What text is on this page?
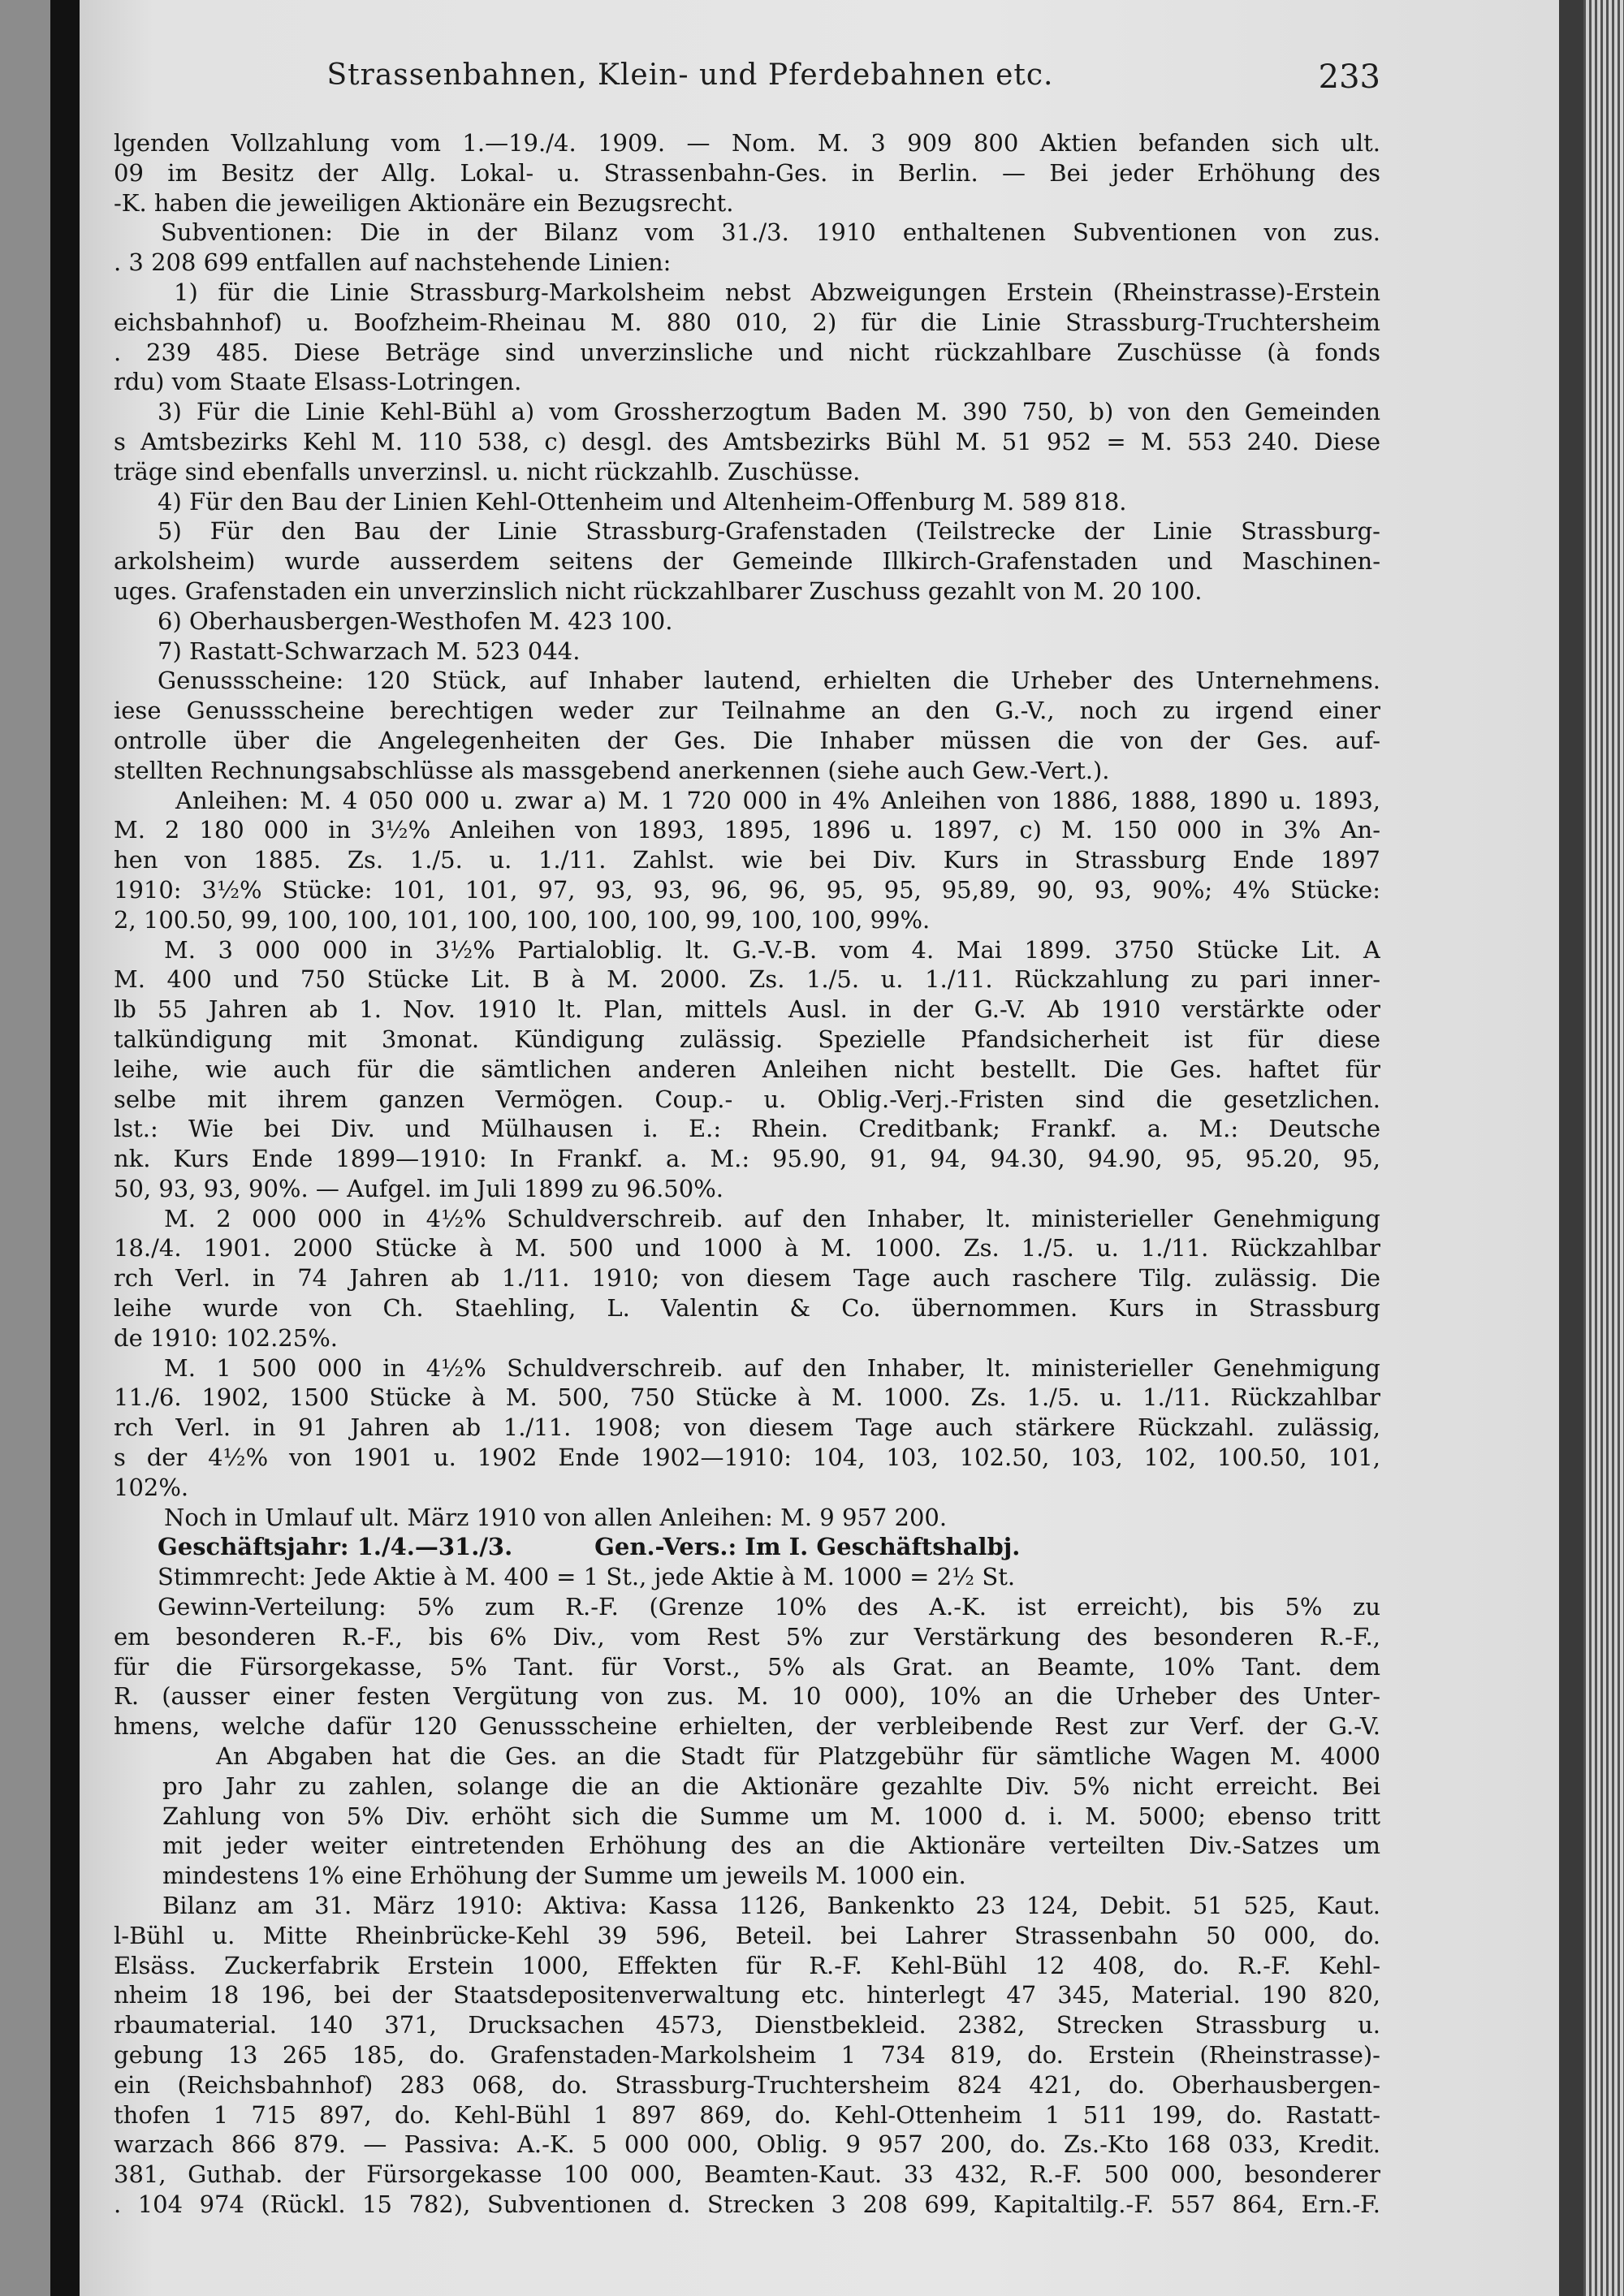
Strassenbahnen, Klein- und Pferdebahnen etc.	233
lgenden Vollzahlung vom 1.—19./4. 1909. — Nom. M. 3 909 800 Aktien befanden sich ult.
09 im Besitz der Allg. Lokal- u. Strassenbahn-Ges. in Berlin. — Bei jeder Erhöhung des
-K. haben die jeweiligen Aktionäre ein Bezugsrecht.
Subventionen: Die in der Bilanz vom 31./3. 1910 enthaltenen Subventionen von zus.
. 3 208 699 entfallen auf nachstehende Linien:
1) für die Linie Strassburg-Markolsheim nebst Abzweigungen Erstein (Rheinstrasse)-Erstein
eichsbahnhof) u. Boofzheim-Rheinau M. 880 010, 2) für die Linie Strassburg-Truchtersheim
. 239 485. Diese Beträge sind unverzinsliche und nicht rückzahlbare Zuschüsse (à fonds
rdu) vom Staate Elsass-Lotringen.
3) Für die Linie Kehl-Bühl a) vom Grossherzogtum Baden M. 390 750, b) von den Gemeinden
s Amtsbezirks Kehl M. 110 538, c) desgl. des Amtsbezirks Bühl M. 51 952 = M. 553 240. Diese
träge sind ebenfalls unverzinsl. u. nicht rückzahlb. Zuschüsse.
4) Für den Bau der Linien Kehl-Ottenheim und Altenheim-Offenburg M. 589 818.
5) Für den Bau der Linie Strassburg-Grafenstaden (Teilstrecke der Linie Strassburg-
arkolsheim) wurde ausserdem seitens der Gemeinde Illkirch-Grafenstaden und Maschinen-
uges. Grafenstaden ein unverzinslich nicht rückzahlbarer Zuschuss gezahlt von M. 20 100.
6) Oberhausbergen-Westhofen M. 423 100.
7) Rastatt-Schwarzach M. 523 044.
Genussscheine: 120 Stück, auf Inhaber lautend, erhielten die Urheber des Unternehmens.
iese Genussscheine berechtigen weder zur Teilnahme an den G.-V., noch zu irgend einer
ontrolle über die Angelegenheiten der Ges. Die Inhaber müssen die von der Ges. auf-
stellten Rechnungsabschlüsse als massgebend anerkennen (siehe auch Gew.-Vert.).
Anleihen: M. 4 050 000 u. zwar a) M. 1 720 000 in 4% Anleihen von 1886, 1888, 1890 u. 1893,
M. 2 180 000 in 3½% Anleihen von 1893, 1895, 1896 u. 1897, c) M. 150 000 in 3% An-
hen von 1885. Zs. 1./5. u. 1./11. Zahlst. wie bei Div. Kurs in Strassburg Ende 1897
1910: 3½% Stücke: 101, 101, 97, 93, 93, 96, 96, 95, 95, 95,89, 90, 93, 90%; 4% Stücke:
2, 100.50, 99, 100, 100, 101, 100, 100, 100, 100, 99, 100, 100, 99%.
M. 3 000 000 in 3½% Partialoblig. lt. G.-V.-B. vom 4. Mai 1899. 3750 Stücke Lit. A
M. 400 und 750 Stücke Lit. B à M. 2000. Zs. 1./5. u. 1./11. Rückzahlung zu pari inner-
lb 55 Jahren ab 1. Nov. 1910 lt. Plan, mittels Ausl. in der G.-V. Ab 1910 verstärkte oder
talkündigung mit 3monat. Kündigung zulässig. Spezielle Pfandsicherheit ist für diese
leihe, wie auch für die sämtlichen anderen Anleihen nicht bestellt. Die Ges. haftet für
selbe mit ihrem ganzen Vermögen. Coup.- u. Oblig.-Verj.-Fristen sind die gesetzlichen.
lst.: Wie bei Div. und Mülhausen i. E.: Rhein. Creditbank; Frankf. a. M.: Deutsche
nk. Kurs Ende 1899—1910: In Frankf. a. M.: 95.90, 91, 94, 94.30, 94.90, 95, 95.20, 95,
50, 93, 93, 90%. — Aufgel. im Juli 1899 zu 96.50%.
M. 2 000 000 in 4½% Schuldverschreib. auf den Inhaber, lt. ministerieller Genehmigung
18./4. 1901. 2000 Stücke à M. 500 und 1000 à M. 1000. Zs. 1./5. u. 1./11. Rückzahlbar
rch Verl. in 74 Jahren ab 1./11. 1910; von diesem Tage auch raschere Tilg. zulässig. Die
leihe wurde von Ch. Staehling, L. Valentin & Co. übernommen. Kurs in Strassburg
de 1910: 102.25%.
M. 1 500 000 in 4½% Schuldverschreib. auf den Inhaber, lt. ministerieller Genehmigung
11./6. 1902, 1500 Stücke à M. 500, 750 Stücke à M. 1000. Zs. 1./5. u. 1./11. Rückzahlbar
rch Verl. in 91 Jahren ab 1./11. 1908; von diesem Tage auch stärkere Rückzahl. zulässig,
s der 4½% von 1901 u. 1902 Ende 1902—1910: 104, 103, 102.50, 103, 102, 100.50, 101,
102%.
Noch in Umlauf ult. März 1910 von allen Anleihen: M. 9 957 200.
Geschäftsjahr: 1./4.—31./3.          Gen.-Vers.: Im I. Geschäftshalbj.
Stimmrecht: Jede Aktie à M. 400 = 1 St., jede Aktie à M. 1000 = 2½ St.
Gewinn-Verteilung: 5% zum R.-F. (Grenze 10% des A.-K. ist erreicht), bis 5% zu
em besonderen R.-F., bis 6% Div., vom Rest 5% zur Verstärkung des besonderen R.-F.,
für die Fürsorgekasse, 5% Tant. für Vorst., 5% als Grat. an Beamte, 10% Tant. dem
R. (ausser einer festen Vergütung von zus. M. 10 000), 10% an die Urheber des Unter-
hmens, welche dafür 120 Genussscheine erhielten, der verbleibende Rest zur Verf. der G.-V.
An Abgaben hat die Ges. an die Stadt für Platzgebühr für sämtliche Wagen M. 4000
pro Jahr zu zahlen, solange die an die Aktionäre gezahlte Div. 5% nicht erreicht. Bei
Zahlung von 5% Div. erhöht sich die Summe um M. 1000 d. i. M. 5000; ebenso tritt
mit jeder weiter eintretenden Erhöhung des an die Aktionäre verteilten Div.-Satzes um
mindestens 1% eine Erhöhung der Summe um jeweils M. 1000 ein.
Bilanz am 31. März 1910: Aktiva: Kassa 1126, Bankenkto 23 124, Debit. 51 525, Kaut.
l-Bühl u. Mitte Rheinbrücke-Kehl 39 596, Beteil. bei Lahrer Strassenbahn 50 000, do.
Elsäss. Zuckerfabrik Erstein 1000, Effekten für R.-F. Kehl-Bühl 12 408, do. R.-F. Kehl-
nheim 18 196, bei der Staatsdepositenverwaltung etc. hinterlegt 47 345, Material. 190 820,
rbaumaterial. 140 371, Drucksachen 4573, Dienstbekleid. 2382, Strecken Strassburg u.
gebung 13 265 185, do. Grafenstaden-Markolsheim 1 734 819, do. Erstein (Rheinstrasse)-
ein (Reichsbahnhof) 283 068, do. Strassburg-Truchtersheim 824 421, do. Oberhausbergen-
thofen 1 715 897, do. Kehl-Bühl 1 897 869, do. Kehl-Ottenheim 1 511 199, do. Rastatt-
warzach 866 879. — Passiva: A.-K. 5 000 000, Oblig. 9 957 200, do. Zs.-Kto 168 033, Kredit.
381, Guthab. der Fürsorgekasse 100 000, Beamten-Kaut. 33 432, R.-F. 500 000, besonderer
. 104 974 (Rückl. 15 782), Subventionen d. Strecken 3 208 699, Kapitaltilg.-F. 557 864, Ern.-F.
